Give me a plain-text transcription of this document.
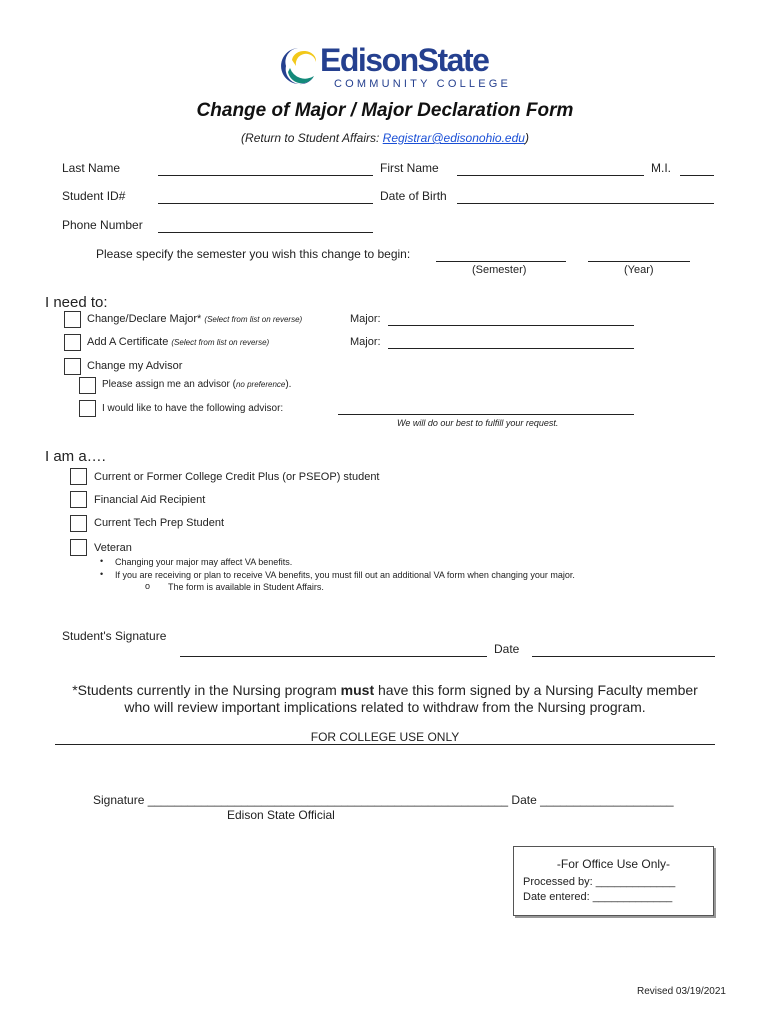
EdisonState
COMMUNITY COLLEGE
Change of Major / Major Declaration Form
(Return to Student Affairs: Registrar@edisonohio.edu)
Last Name	First Name	M.I.
Student ID#	Date of Birth
Phone Number
Please specify the semester you wish this change to begin:
(Semester)	(Year)
I need to:
Change/Declare Major* (Select from list on reverse)	Major:
Add A Certificate (Select from list on reverse)	Major:
Change my Advisor
Please assign me an advisor (no preference).
I would like to have the following advisor:
We will do our best to fulfill your request.
I am a….
Current or Former College Credit Plus (or PSEOP) student
Financial Aid Recipient
Current Tech Prep Student
Veteran
• Changing your major may affect VA benefits.
• If you are receiving or plan to receive VA benefits, you must fill out an additional VA form when changing your major.
o The form is available in Student Affairs.
Student's Signature
Date
*Students currently in the Nursing program must have this form signed by a Nursing Faculty member
who will review important implications related to withdraw from the Nursing program.
FOR COLLEGE USE ONLY
Signature ______________________________________________________ Date ____________________
Edison State Official
-For Office Use Only-
Processed by: _____________
Date entered: _____________
Revised 03/19/2021
